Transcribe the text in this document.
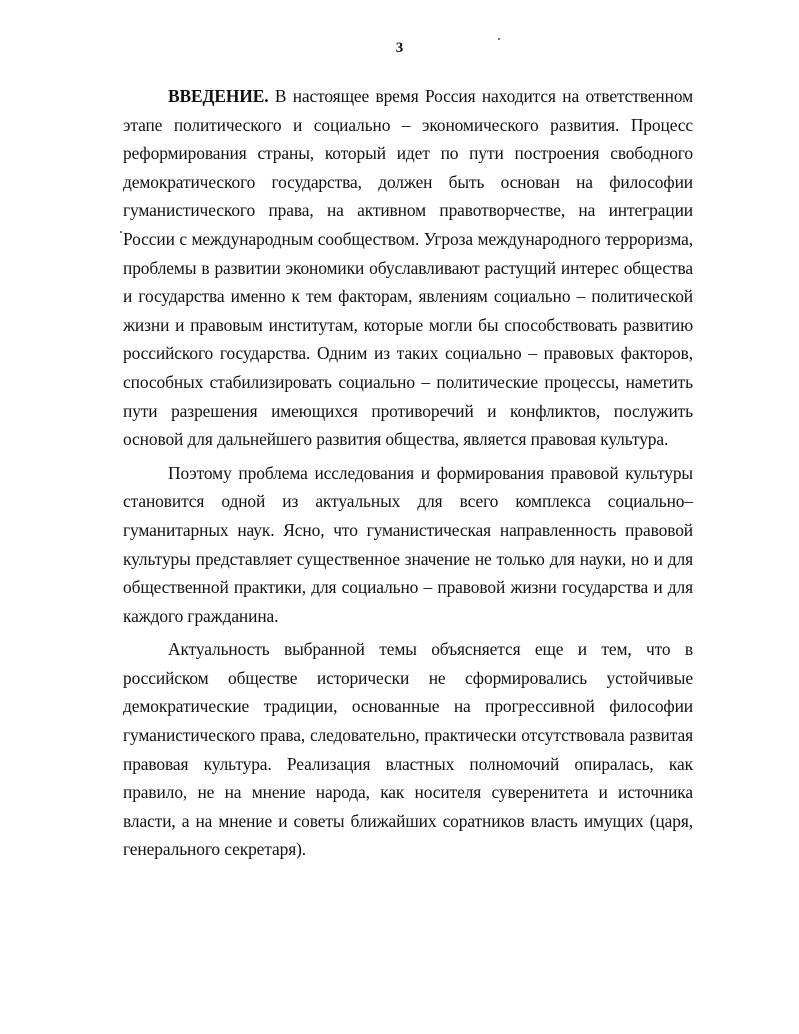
3

ВВЕДЕНИЕ. В настоящее время Россия находится на ответственном этапе политического и социально – экономического развития. Процесс реформирования страны, который идет по пути построения свободного демократического государства, должен быть основан на философии гуманистического права, на активном правотворчестве, на интеграции России с международным сообществом. Угроза международного терроризма, проблемы в развитии экономики обуславливают растущий интерес общества и государства именно к тем факторам, явлениям социально – политической жизни и правовым институтам, которые могли бы способствовать развитию российского государства. Одним из таких социально – правовых факторов, способных стабилизировать социально – политические процессы, наметить пути разрешения имеющихся противоречий и конфликтов, послужить основой для дальнейшего развития общества, является правовая культура.

Поэтому проблема исследования и формирования правовой культуры становится одной из актуальных для всего комплекса социально–гуманитарных наук. Ясно, что гуманистическая направленность правовой культуры представляет существенное значение не только для науки, но и для общественной практики, для социально – правовой жизни государства и для каждого гражданина.

Актуальность выбранной темы объясняется еще и тем, что в российском обществе исторически не сформировались устойчивые демократические традиции, основанные на прогрессивной философии гуманистического права, следовательно, практически отсутствовала развитая правовая культура. Реализация властных полномочий опиралась, как правило, не на мнение народа, как носителя суверенитета и источника власти, а на мнение и советы ближайших соратников власть имущих (царя, генерального секретаря).
